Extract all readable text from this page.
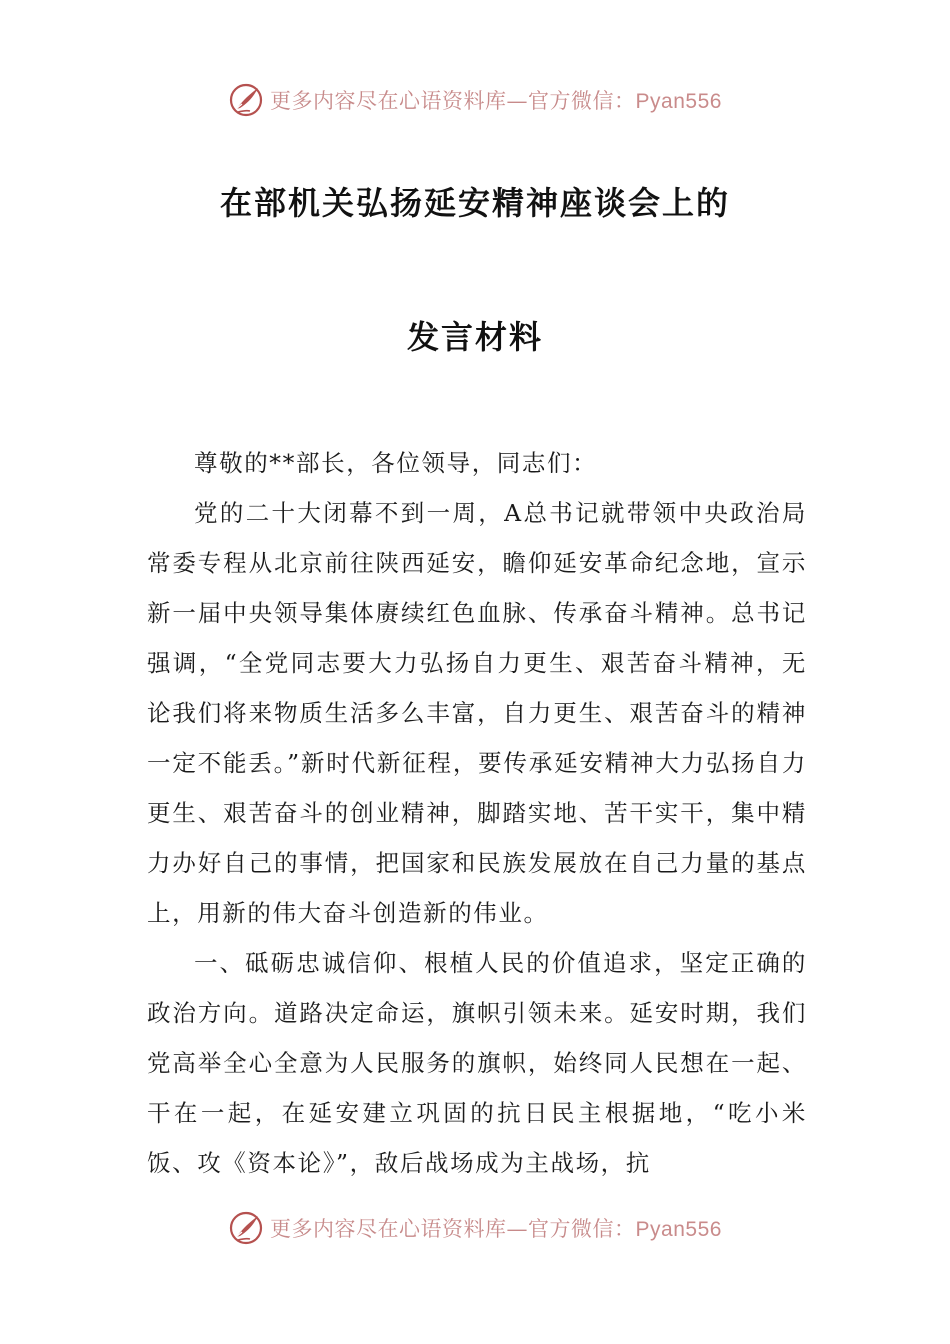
更多内容尽在心语资料库—官方微信：Pyan556
在部机关弘扬延安精神座谈会上的
发言材料

尊敬的**部长，各位领导，同志们：

党的二十大闭幕不到一周，A总书记就带领中央政治局常委专程从北京前往陕西延安，瞻仰延安革命纪念地，宣示新一届中央领导集体赓续红色血脉、传承奋斗精神。总书记强调，“全党同志要大力弘扬自力更生、艰苦奋斗精神，无论我们将来物质生活多么丰富，自力更生、艰苦奋斗的精神一定不能丢。”新时代新征程，要传承延安精神大力弘扬自力更生、艰苦奋斗的创业精神，脚踏实地、苦干实干，集中精力办好自己的事情，把国家和民族发展放在自己力量的基点上，用新的伟大奋斗创造新的伟业。

一、砥砺忠诚信仰、根植人民的价值追求，坚定正确的政治方向。道路决定命运，旗帜引领未来。延安时期，我们党高举全心全意为人民服务的旗帜，始终同人民想在一起、干在一起，在延安建立巩固的抗日民主根据地，“吃小米饭、攻《资本论》”，敌后战场成为主战场，抗

更多内容尽在心语资料库—官方微信：Pyan556
